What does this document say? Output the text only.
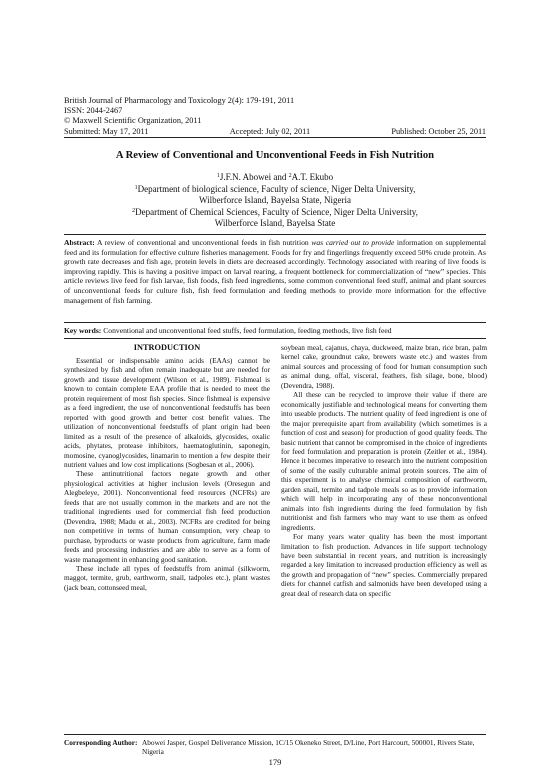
British Journal of Pharmacology and Toxicology 2(4): 179-191, 2011
ISSN: 2044-2467
© Maxwell Scientific Organization, 2011
Submitted: May 17, 2011	Accepted: July 02, 2011	Published: October 25, 2011
A Review of Conventional and Unconventional Feeds in Fish Nutrition
$^1$J.F.N. Abowei and $^2$A.T. Ekubo
$^1$Department of biological science, Faculty of science, Niger Delta University,
Wilberforce Island, Bayelsa State, Nigeria
$^2$Department of Chemical Sciences, Faculty of Science, Niger Delta University,
Wilberforce Island, Bayelsa State
Abstract: A review of conventional and unconventional feeds in fish nutrition was carried out to provide information on supplemental feed and its formulation for effective culture fisheries management. Foods for fry and fingerlings frequently exceed 50% crude protein. As growth rate decreases and fish age, protein levels in diets are decreased accordingly. Technology associated with rearing of live foods is improving rapidly. This is having a positive impact on larval rearing, a frequent bottleneck for commercialization of “new” species. This article reviews live feed for fish larvae, fish foods, fish feed ingredients, some common conventional feed stuff, animal and plant sources of unconventional feeds for culture fish, fish feed formulation and feeding methods to provide more information for the effective management of fish farming.
Key words: Conventional and unconventional feed stuffs, feed formulation, feeding methods, live fish feed
INTRODUCTION

Essential or indispensable amino acids (EAAs) cannot be synthesized by fish and often remain inadequate but are needed for growth and tissue development (Wilson et al., 1989). Fishmeal is known to contain complete EAA profile that is needed to meet the protein requirement of most fish species. Since fishmeal is expensive as a feed ingredient, the use of nonconventional feedstuffs has been reported with good growth and better cost benefit values. The utilization of nonconventional feedstuffs of plant origin had been limited as a result of the presence of alkaloids, glycosides, oxalic acids, phytates, protease inhibitors, haematoglutinin, saponegin, momosine, cyanoglycosides, linamarin to mention a few despite their nutrient values and low cost implications (Sogbesan et al., 2006).

These antinutritional factors negate growth and other physiological activities at higher inclusion levels (Oresegun and Alegbeleye, 2001). Nonconventional feed resources (NCFRs) are feeds that are not usually common in the markets and are not the traditional ingredients used for commercial fish feed production (Devendra, 1988; Madu et al., 2003). NCFRs are credited for being non competitive in terms of human consumption, very cheap to purchase, byproducts or waste products from agriculture, farm made feeds and processing industries and are able to serve as a form of waste management in enhancing good sanitation.

These include all types of feedstuffs from animal (silkworm, maggot, termite, grub, earthworm, snail, tadpoles etc.), plant wastes (jack bean, cottonseed meal,

soybean meal, cajanus, chaya, duckweed, maize bran, rice bran, palm kernel cake, groundnut cake, brewers waste etc.) and wastes from animal sources and processing of food for human consumption such as animal dung, offal, visceral, feathers, fish silage, bone, blood) (Devendra, 1988).

All these can be recycled to improve their value if there are economically justifiable and technological means for converting them into useable products. The nutrient quality of feed ingredient is one of the major prerequisite apart from availability (which sometimes is a function of cost and season) for production of good quality feeds. The basic nutrient that cannot be compromised in the choice of ingredients for feed formulation and preparation is protein (Zeitler et al., 1984). Hence it becomes imperative to research into the nutrient composition of some of the easily culturable animal protein sources. The aim of this experiment is to analyse chemical composition of earthworm, garden snail, termite and tadpole meals so as to provide information which will help in incorporating any of these nonconventional animals into fish ingredients during the feed formulation by fish nutritionist and fish farmers who may want to use them as onfeed ingredients.

For many years water quality has been the most important limitation to fish production. Advances in life support technology have been substantial in recent years, and nutrition is increasingly regarded a key limitation to increased production efficiency as well as the growth and propagation of “new” species. Commercially prepared diets for channel catfish and salmonids have been developed using a great deal of research data on specific

Corresponding Author: Abowei Jasper, Gospel Deliverance Mission, 1C/15 Okeneko Street, D/Line, Port Harcourt, 500001, Rivers State, Nigeria
179
